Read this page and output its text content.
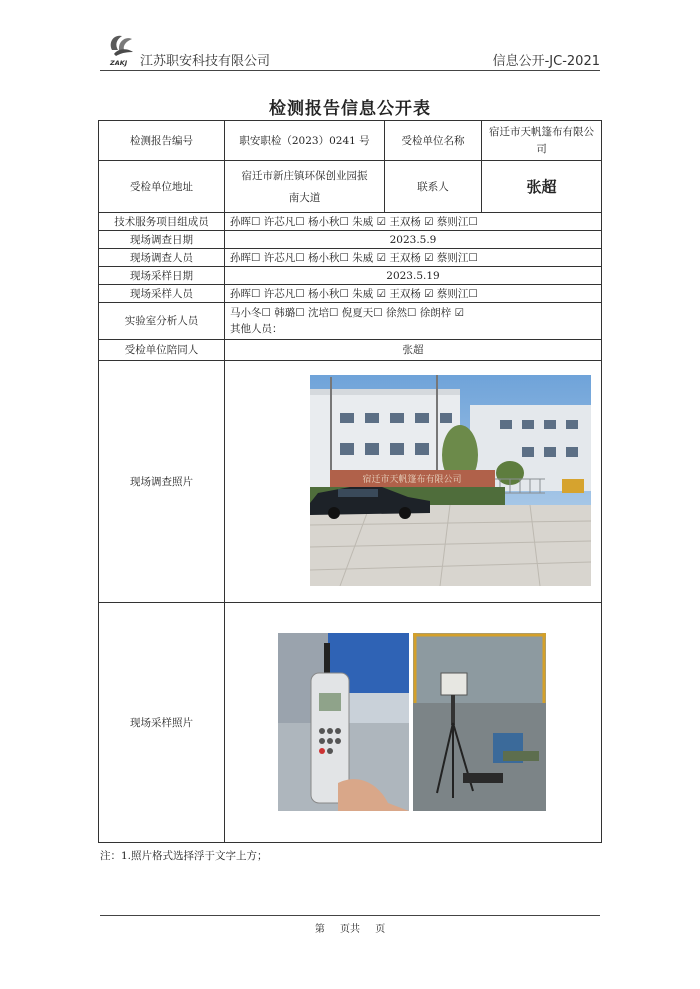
ZAKJ 江苏职安科技有限公司	信息公开-JC-2021
检测报告信息公开表
检测报告编号	职安职检（2023）0241 号	受检单位名称	宿迁市天帆篷布有限公司
受检单位地址	宿迁市新庄镇环保创业园振南大道	联系人	张超
技术服务项目组成员	孙晖☐ 许芯凡☐ 杨小秋☐ 朱威 ☑ 王双杨 ☑ 蔡则江☐		
现场调查日期	2023.5.9		
现场调查人员	孙晖☐ 许芯凡☐ 杨小秋☐ 朱威 ☑ 王双杨 ☑ 蔡则江☐		
现场采样日期	2023.5.19		
现场采样人员	孙晖☐ 许芯凡☐ 杨小秋☐ 朱威 ☑ 王双杨 ☑ 蔡则江☐		
实验室分析人员	马小冬☐ 韩璐☐ 沈培☐ 倪夏天☐ 徐然☐ 徐朗梓 ☑
其他人员：		

受检单位陪同人	张超		
现场调查照片	宿迁市天帆篷布有限公司		

现场采样照片	
注：1.照片格式选择浮于文字上方；
第 页共 页
